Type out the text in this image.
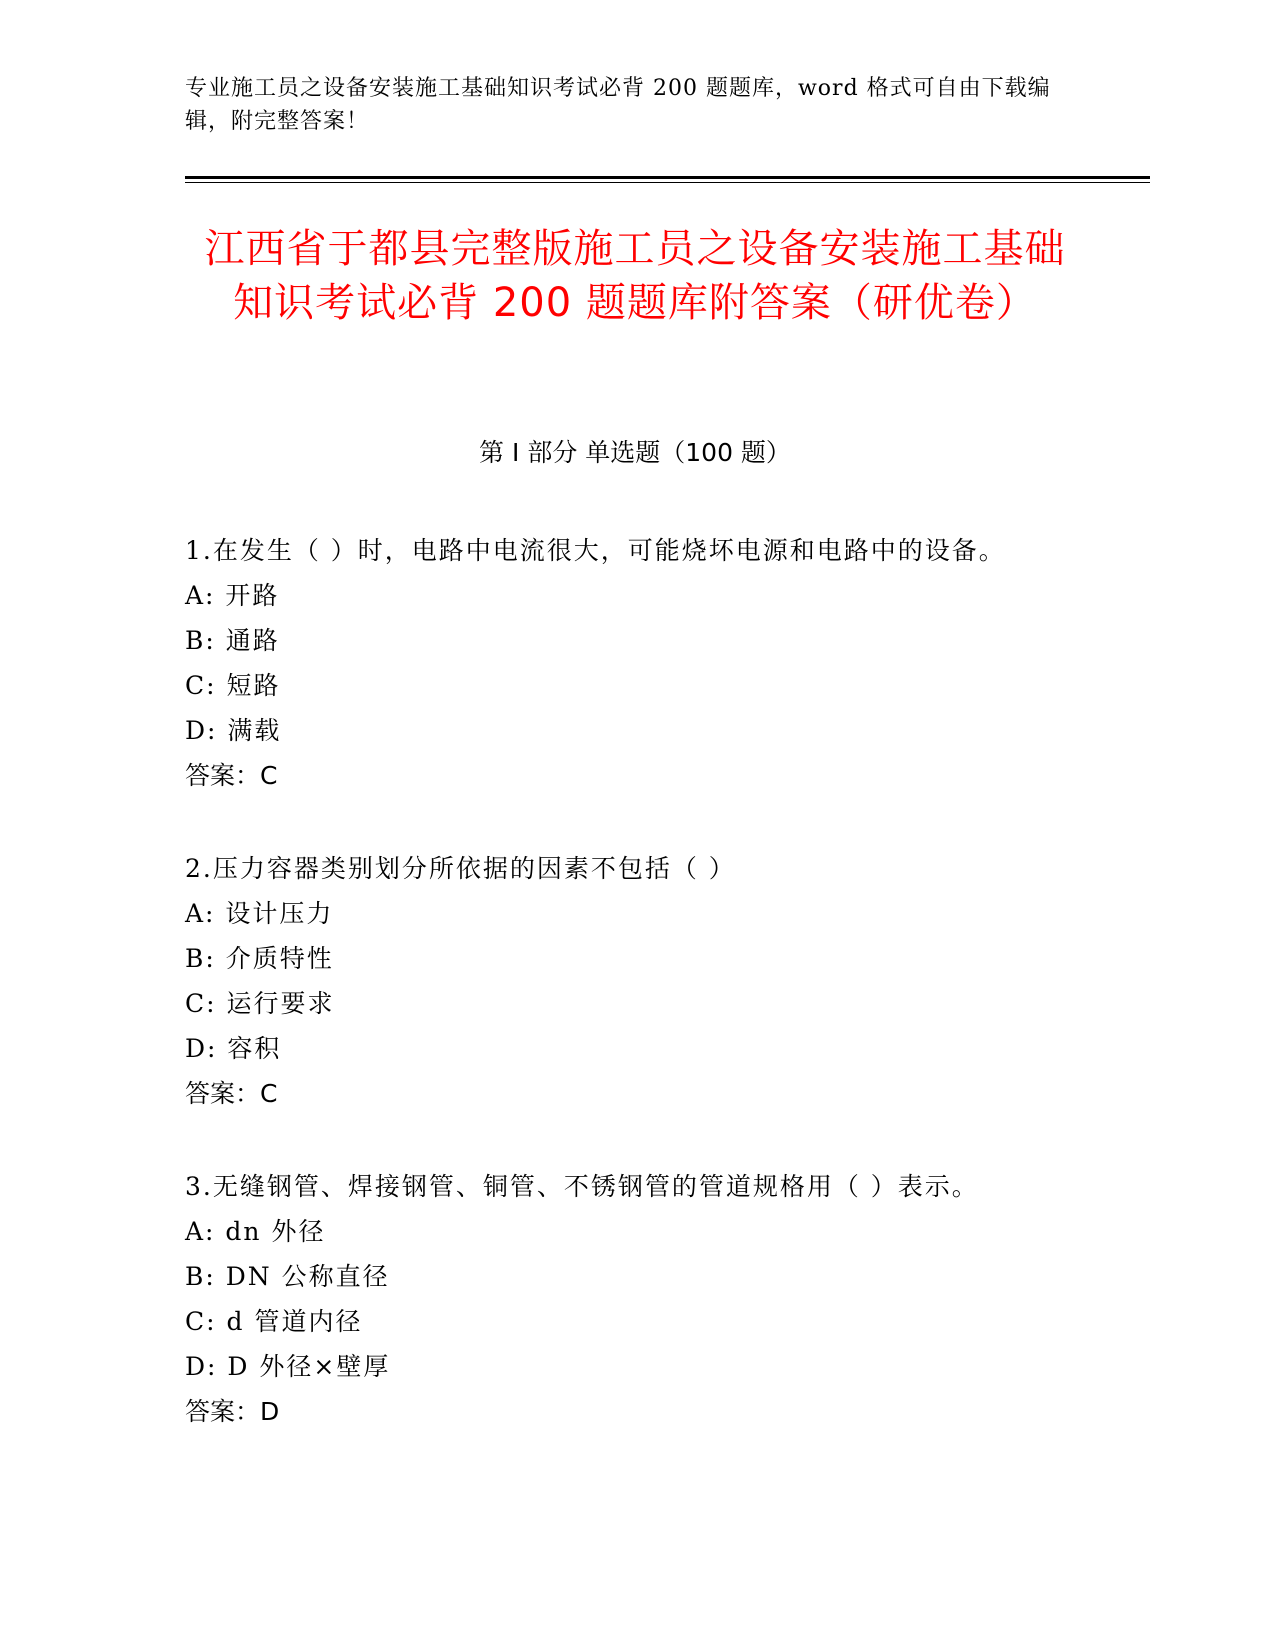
专业施工员之设备安装施工基础知识考试必背 200 题题库，word 格式可自由下载编辑，附完整答案！
江西省于都县完整版施工员之设备安装施工基础知识考试必背 200 题题库附答案（研优卷）
第 I 部分 单选题（100 题）
1.在发生（ ）时，电路中电流很大，可能烧坏电源和电路中的设备。
A: 开路
B: 通路
C: 短路
D: 满载
答案：C
2.压力容器类别划分所依据的因素不包括（ ）
A: 设计压力
B: 介质特性
C: 运行要求
D: 容积
答案：C
3.无缝钢管、焊接钢管、铜管、不锈钢管的管道规格用（ ）表示。
A: dn 外径
B: DN 公称直径
C: d 管道内径
D: D 外径×壁厚
答案：D
